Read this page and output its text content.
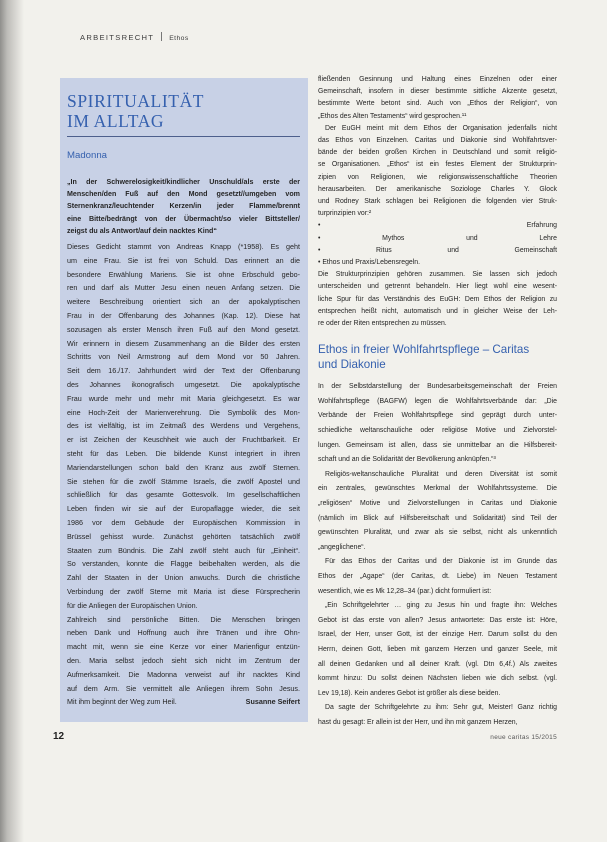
ARBEITSRECHT Ethos
SPIRITUALITÄT
IM ALLTAG
Madonna
„In der Schwerelosigkeit/kindlicher Unschuld/als erste der
Menschen/den Fuß auf den Mond gesetzt//umgeben vom
Sternenkranz/leuchtender Kerzen/in jeder Flamme/brennt
eine Bitte/bedrängt von der Übermacht/so vieler Bittsteller/
zeigst du als Antwort/auf dein nacktes Kind“
Dieses Gedicht stammt von Andreas Knapp (*1958). Es geht
um eine Frau. Sie ist frei von Schuld. Das erinnert an die
besondere Erwählung Mariens. Sie ist ohne Erbschuld gebo-
ren und darf als Mutter Jesu einen neuen Anfang setzen. Die
weitere Beschreibung orientiert sich an der apokalyptischen
Frau in der Offenbarung des Johannes (Kap. 12). Diese hat
sozusagen als erster Mensch ihren Fuß auf den Mond gesetzt.
Wir erinnern in diesem Zusammenhang an die Bilder des ersten
Schritts von Neil Armstrong auf dem Mond vor 50 Jahren.
Seit dem 16./17. Jahrhundert wird der Text der Offenbarung
des Johannes ikonografisch umgesetzt. Die apokalyptische
Frau wurde mehr und mehr mit Maria gleichgesetzt. Es war
eine Hoch-Zeit der Marienverehrung. Die Symbolik des Mon-
des ist vielfältig, ist im Zeitmaß des Werdens und Vergehens,
er ist Zeichen der Keuschheit wie auch der Fruchtbarkeit. Er
steht für das Leben. Die bildende Kunst integriert in ihren
Mariendarstellungen schon bald den Kranz aus zwölf Sternen.
Sie stehen für die zwölf Stämme Israels, die zwölf Apostel und
schließlich für das gesamte Gottesvolk. Im gesellschaftlichen
Leben finden wir sie auf der Europaflagge wieder, die seit
1986 vor dem Gebäude der Europäischen Kommission in
Brüssel gehisst wurde. Zunächst gehörten tatsächlich zwölf
Staaten zum Bündnis. Die Zahl zwölf steht auch für „Einheit“.
So verstanden, konnte die Flagge beibehalten werden, als die
Zahl der Staaten in der Union anwuchs. Durch die christliche
Verbindung der zwölf Sterne mit Maria ist diese Fürsprecherin
für die Anliegen der Europäischen Union.
Zahlreich sind persönliche Bitten. Die Menschen bringen
neben Dank und Hoffnung auch ihre Tränen und ihre Ohn-
macht mit, wenn sie eine Kerze vor einer Marienfigur entzün-
den. Maria selbst jedoch sieht sich nicht im Zentrum der
Aufmerksamkeit. Die Madonna verweist auf ihr nacktes Kind
auf dem Arm. Sie vermittelt alle Anliegen ihrem Sohn Jesus.
Mit ihm beginnt der Weg zum Heil.	Susanne Seifert
fließenden Gesinnung und Haltung eines Einzelnen oder einer
Gemeinschaft, insofern in dieser bestimmte sittliche Akzente gesetzt,
bestimmte Werte betont sind. Auch von „Ethos der Religion“, von
„Ethos des Alten Testaments“ wird gesprochen.¹¹
Der EuGH meint mit dem Ethos der Organisation jedenfalls nicht
das Ethos von Einzelnen. Caritas und Diakonie sind Wohlfahrtsver-
bände der beiden großen Kirchen in Deutschland und somit religiö-
se Organisationen. „Ethos“ ist ein festes Element der Strukturprin-
zipien von Religionen, wie religionswissenschaftliche Theorien
herausarbeiten. Der amerikanische Soziologe Charles Y. Glock
und Rodney Stark schlagen bei Religionen die folgenden vier Struk-
turprinzipien vor:²
• Erfahrung
• Mythos und Lehre
• Ritus und Gemeinschaft
• Ethos und Praxis/Lebensregeln.
Die Strukturprinzipien gehören zusammen. Sie lassen sich jedoch
unterscheiden und getrennt behandeln. Hier liegt wohl eine wesent-
liche Spur für das Verständnis des EuGH: Dem Ethos der Religion zu
entsprechen heißt nicht, automatisch und in gleicher Weise der Leh-
re oder der Riten entsprechen zu müssen.
Ethos in freier Wohlfahrtspflege – Caritas
und Diakonie
In der Selbstdarstellung der Bundesarbeitsgemeinschaft der Freien
Wohlfahrtspflege (BAGFW) legen die Wohlfahrtsverbände dar: „Die
Verbände der Freien Wohlfahrtspflege sind geprägt durch unter-
schiedliche weltanschauliche oder religiöse Motive und Zielvorstel-
lungen. Gemeinsam ist allen, dass sie unmittelbar an die Hilfsbereit-
schaft und an die Solidarität der Bevölkerung anknüpfen.“³
Religiös-weltanschauliche Pluralität und deren Diversität ist somit
ein zentrales, gewünschtes Merkmal der Wohlfahrtssysteme. Die
„religiösen“ Motive und Zielvorstellungen in Caritas und Diakonie
(nämlich im Blick auf Hilfsbereitschaft und Solidarität) sind Teil der
gewünschten Pluralität, und zwar als sie selbst, nicht als unkenntlich
„angeglichene“.
Für das Ethos der Caritas und der Diakonie ist im Grunde das
Ethos der „Agape“ (der Caritas, dt. Liebe) im Neuen Testament
wesentlich, wie es Mk 12,28–34 (par.) dicht formuliert ist:
„Ein Schriftgelehrter … ging zu Jesus hin und fragte ihn: Welches
Gebot ist das erste von allen? Jesus antwortete: Das erste ist: Höre,
Israel, der Herr, unser Gott, ist der einzige Herr. Darum sollst du den
Herrn, deinen Gott, lieben mit ganzem Herzen und ganzer Seele, mit
all deinen Gedanken und all deiner Kraft. (vgl. Dtn 6,4f.) Als zweites
kommt hinzu: Du sollst deinen Nächsten lieben wie dich selbst. (vgl.
Lev 19,18). Kein anderes Gebot ist größer als diese beiden.
Da sagte der Schriftgelehrte zu ihm: Sehr gut, Meister! Ganz richtig
hast du gesagt: Er allein ist der Herr, und ihn mit ganzem Herzen,
12	neue caritas 15/2015
